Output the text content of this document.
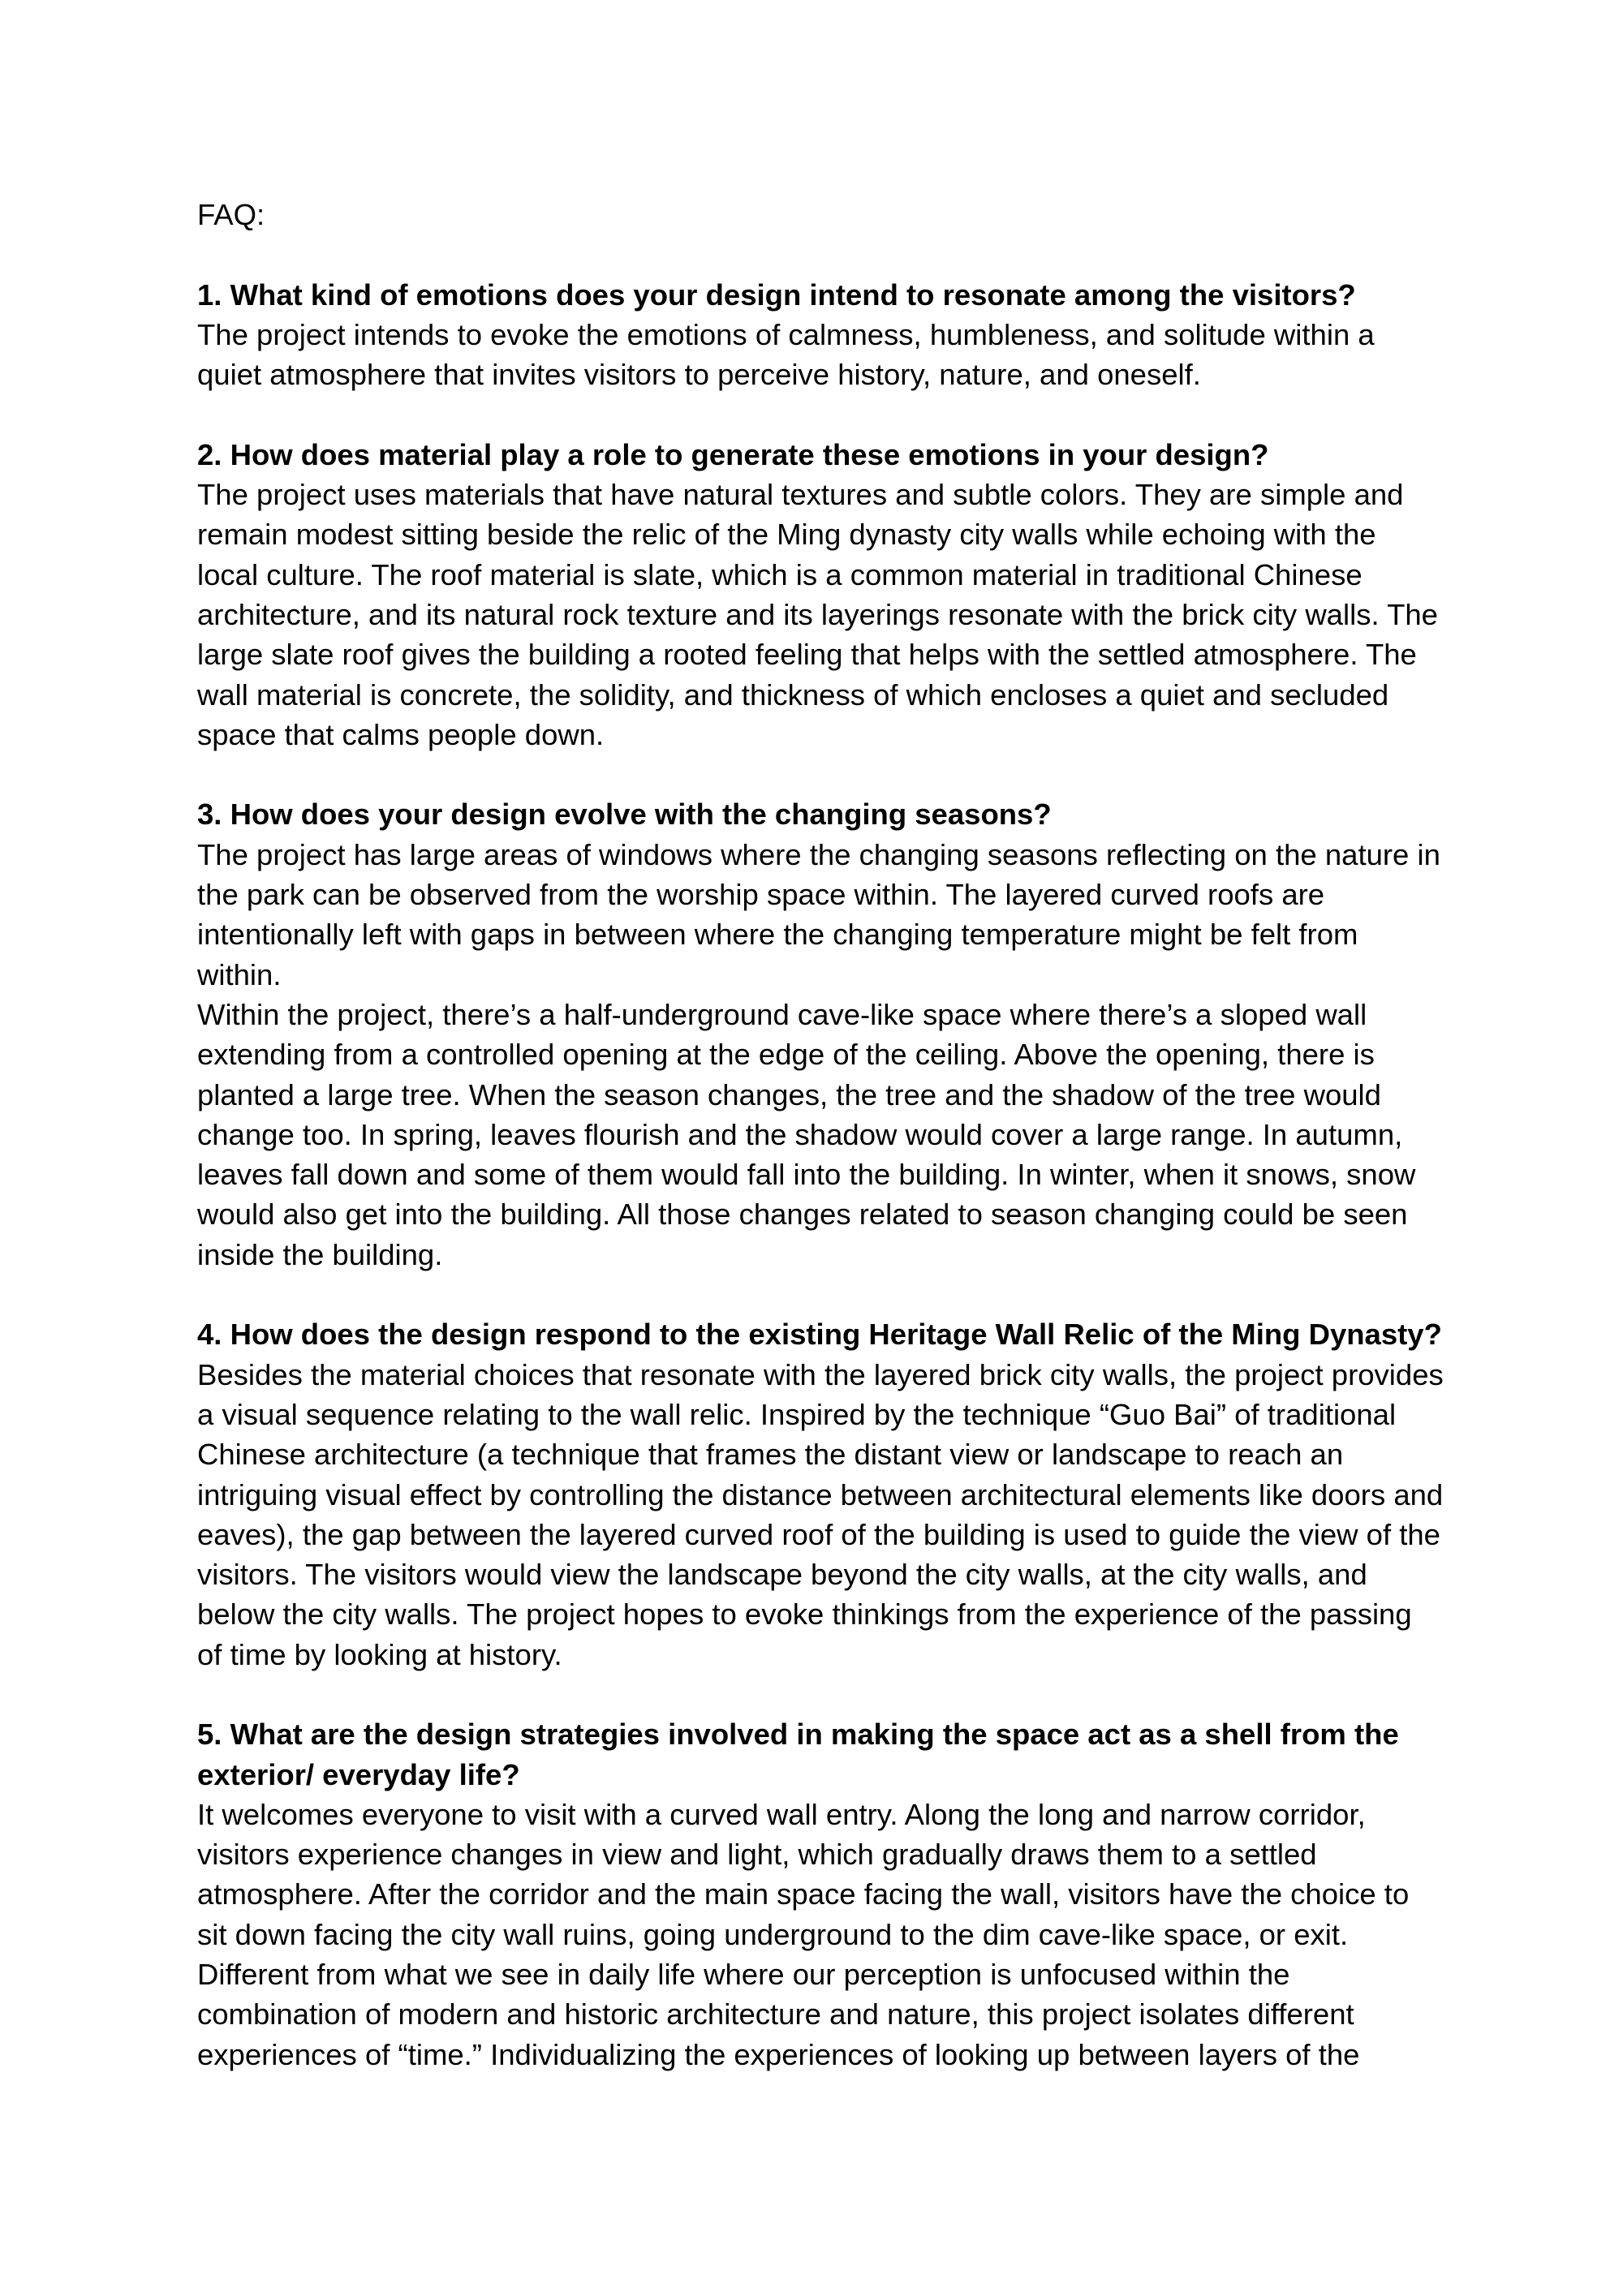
FAQ:

1. What kind of emotions does your design intend to resonate among the visitors?

The project intends to evoke the emotions of calmness, humbleness, and solitude within a quiet atmosphere that invites visitors to perceive history, nature, and oneself.

2. How does material play a role to generate these emotions in your design?

The project uses materials that have natural textures and subtle colors. They are simple and remain modest sitting beside the relic of the Ming dynasty city walls while echoing with the local culture. The roof material is slate, which is a common material in traditional Chinese architecture, and its natural rock texture and its layerings resonate with the brick city walls. The large slate roof gives the building a rooted feeling that helps with the settled atmosphere. The wall material is concrete, the solidity, and thickness of which encloses a quiet and secluded space that calms people down.

3. How does your design evolve with the changing seasons?

The project has large areas of windows where the changing seasons reflecting on the nature in the park can be observed from the worship space within. The layered curved roofs are intentionally left with gaps in between where the changing temperature might be felt from within.

Within the project, there’s a half-underground cave-like space where there’s a sloped wall extending from a controlled opening at the edge of the ceiling. Above the opening, there is planted a large tree. When the season changes, the tree and the shadow of the tree would change too. In spring, leaves flourish and the shadow would cover a large range. In autumn, leaves fall down and some of them would fall into the building. In winter, when it snows, snow would also get into the building. All those changes related to season changing could be seen inside the building.

4. How does the design respond to the existing Heritage Wall Relic of the Ming Dynasty?

Besides the material choices that resonate with the layered brick city walls, the project provides a visual sequence relating to the wall relic. Inspired by the technique “Guo Bai” of traditional Chinese architecture (a technique that frames the distant view or landscape to reach an intriguing visual effect by controlling the distance between architectural elements like doors and eaves), the gap between the layered curved roof of the building is used to guide the view of the visitors. The visitors would view the landscape beyond the city walls, at the city walls, and below the city walls. The project hopes to evoke thinkings from the experience of the passing of time by looking at history.

5. What are the design strategies involved in making the space act as a shell from the exterior/ everyday life?

It welcomes everyone to visit with a curved wall entry. Along the long and narrow corridor, visitors experience changes in view and light, which gradually draws them to a settled atmosphere. After the corridor and the main space facing the wall, visitors have the choice to sit down facing the city wall ruins, going underground to the dim cave-like space, or exit. Different from what we see in daily life where our perception is unfocused within the combination of modern and historic architecture and nature, this project isolates different experiences of “time.” Individualizing the experiences of looking up between layers of the
